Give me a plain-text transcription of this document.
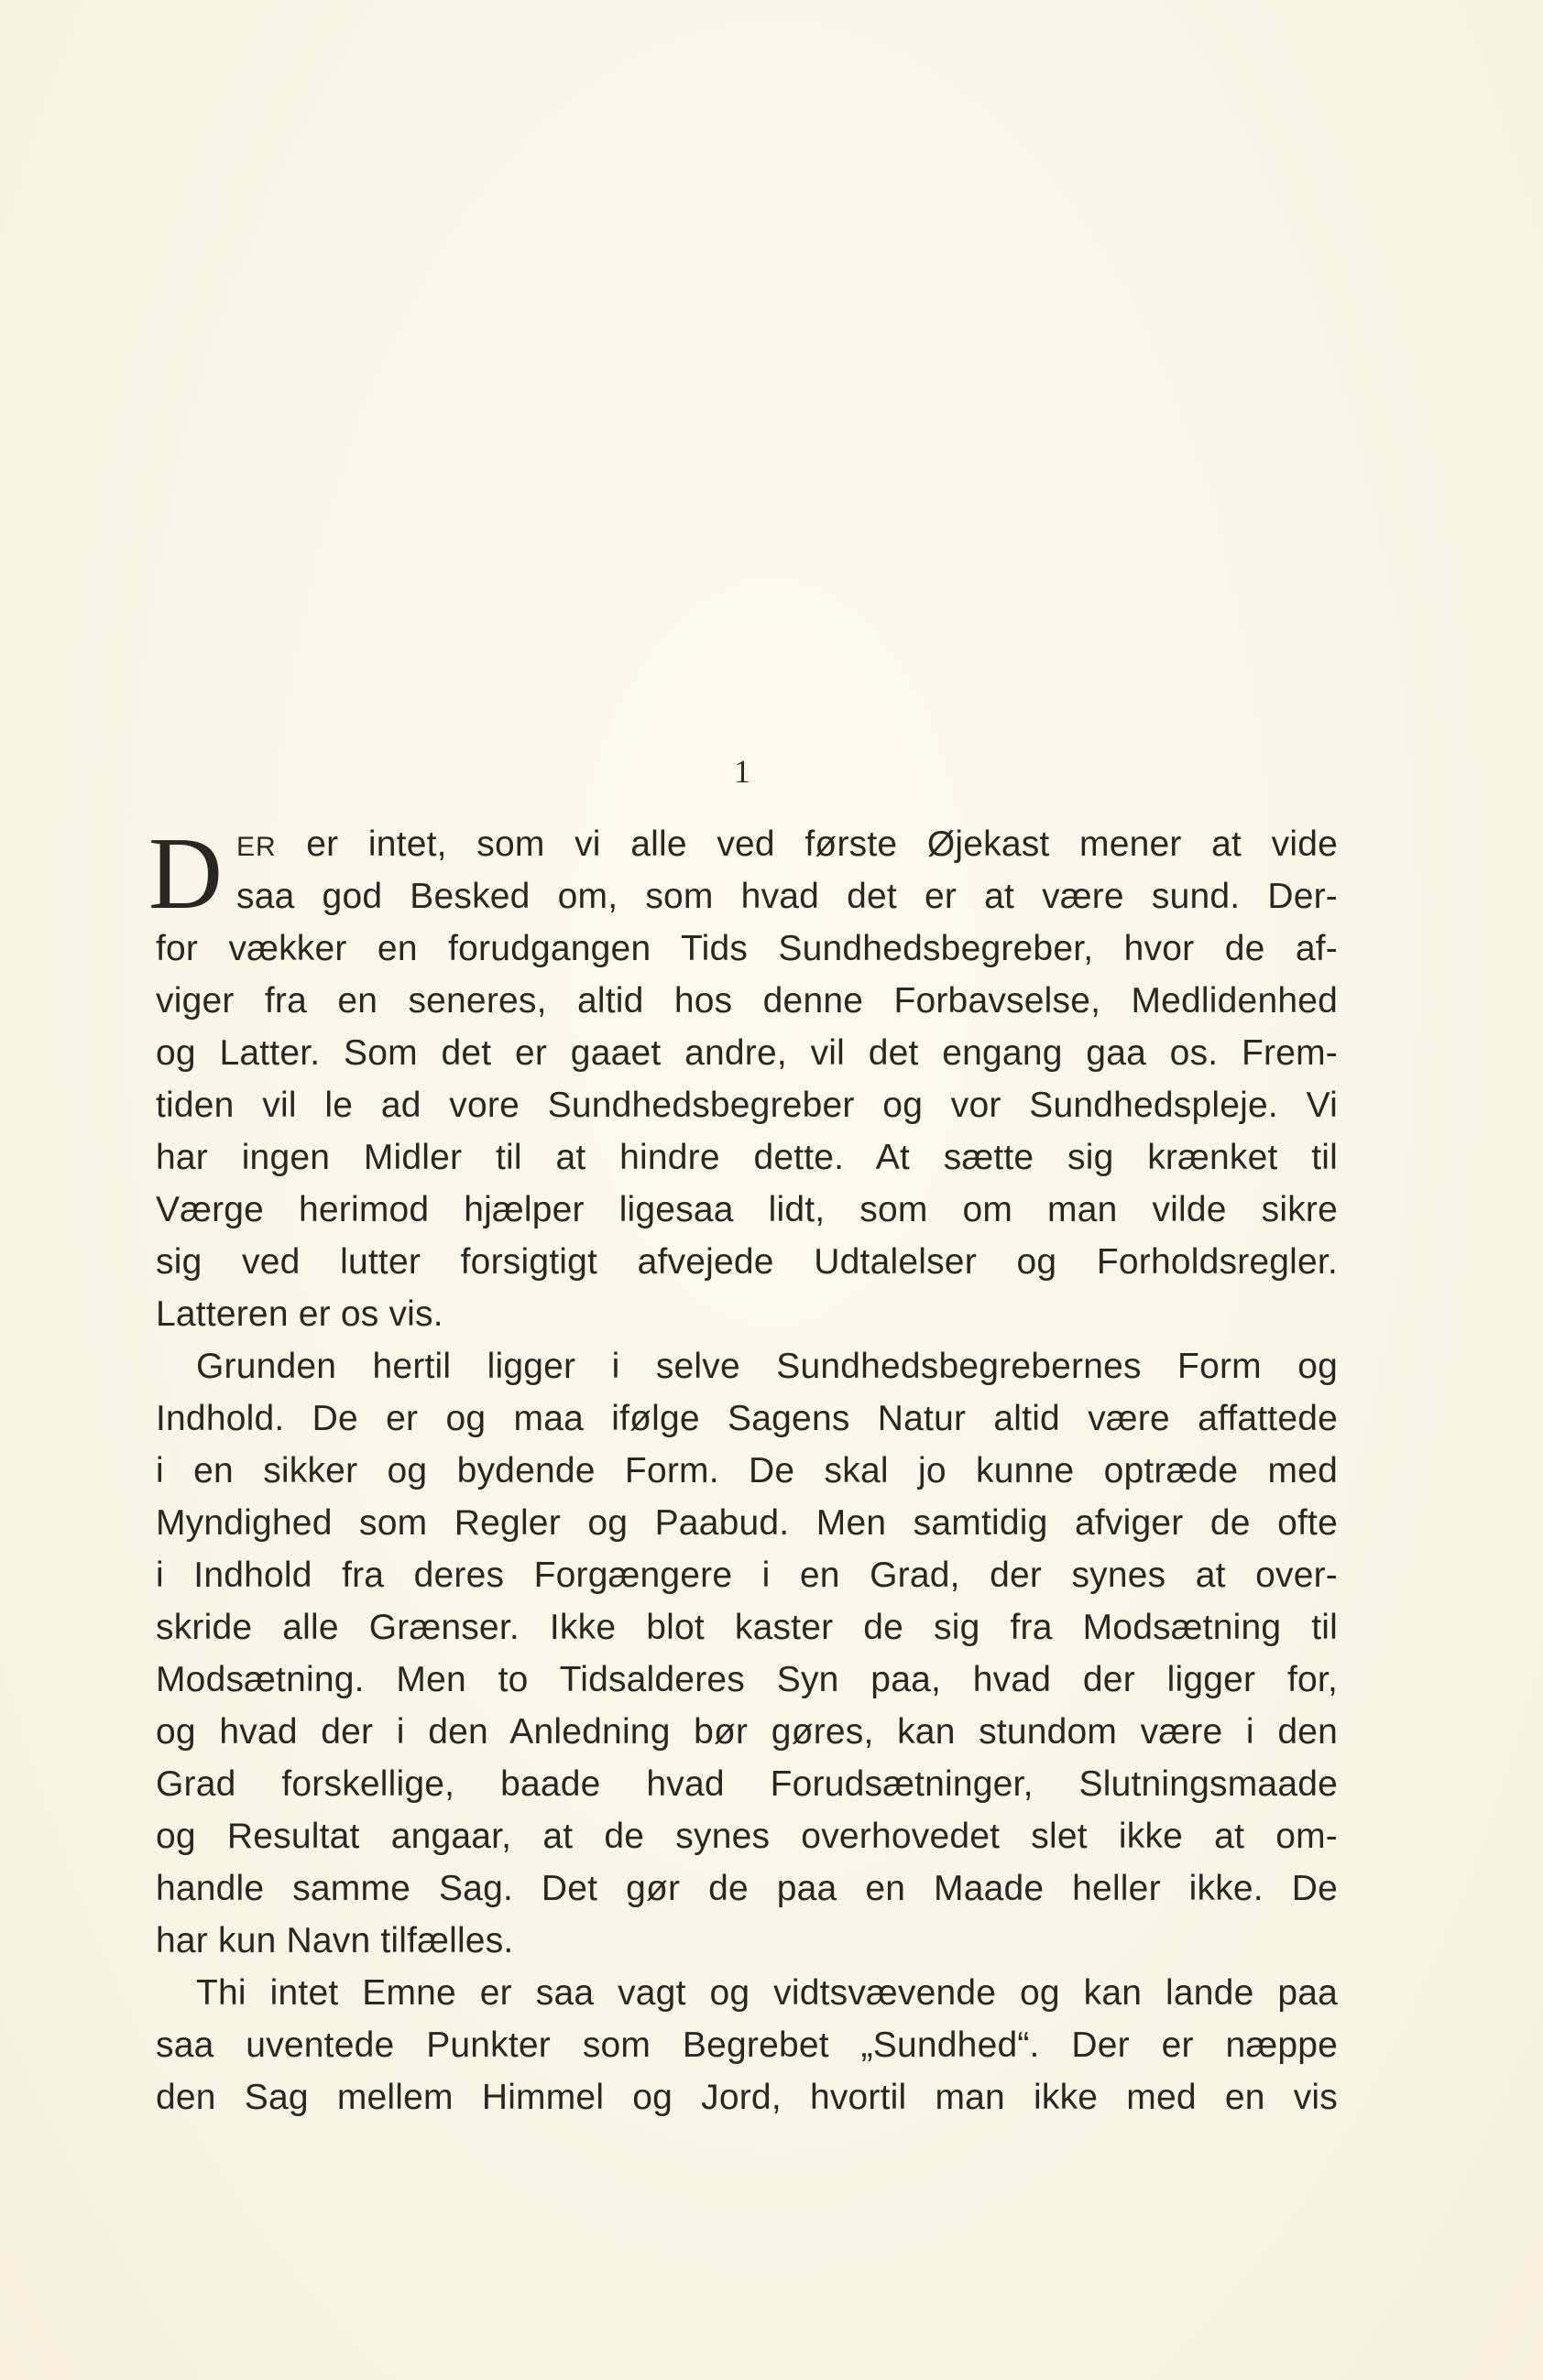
1
D ER er intet, som vi alle ved første Øjekast mener at vide
saa god Besked om, som hvad det er at være sund. Der-
for vækker en forudgangen Tids Sundhedsbegreber, hvor de af-
viger fra en seneres, altid hos denne Forbavselse, Medlidenhed
og Latter. Som det er gaaet andre, vil det engang gaa os. Frem-
tiden vil le ad vore Sundhedsbegreber og vor Sundhedspleje. Vi
har ingen Midler til at hindre dette. At sætte sig krænket til
Værge herimod hjælper ligesaa lidt, som om man vilde sikre
sig ved lutter forsigtigt afvejede Udtalelser og Forholdsregler.
Latteren er os vis.
Grunden hertil ligger i selve Sundhedsbegrebernes Form og
Indhold. De er og maa ifølge Sagens Natur altid være affattede
i en sikker og bydende Form. De skal jo kunne optræde med
Myndighed som Regler og Paabud. Men samtidig afviger de ofte
i Indhold fra deres Forgængere i en Grad, der synes at over-
skride alle Grænser. Ikke blot kaster de sig fra Modsætning til
Modsætning. Men to Tidsalderes Syn paa, hvad der ligger for,
og hvad der i den Anledning bør gøres, kan stundom være i den
Grad forskellige, baade hvad Forudsætninger, Slutningsmaade
og Resultat angaar, at de synes overhovedet slet ikke at om-
handle samme Sag. Det gør de paa en Maade heller ikke. De
har kun Navn tilfælles.
Thi intet Emne er saa vagt og vidtsvævende og kan lande paa
saa uventede Punkter som Begrebet „Sundhed“. Der er næppe
den Sag mellem Himmel og Jord, hvortil man ikke med en vis
